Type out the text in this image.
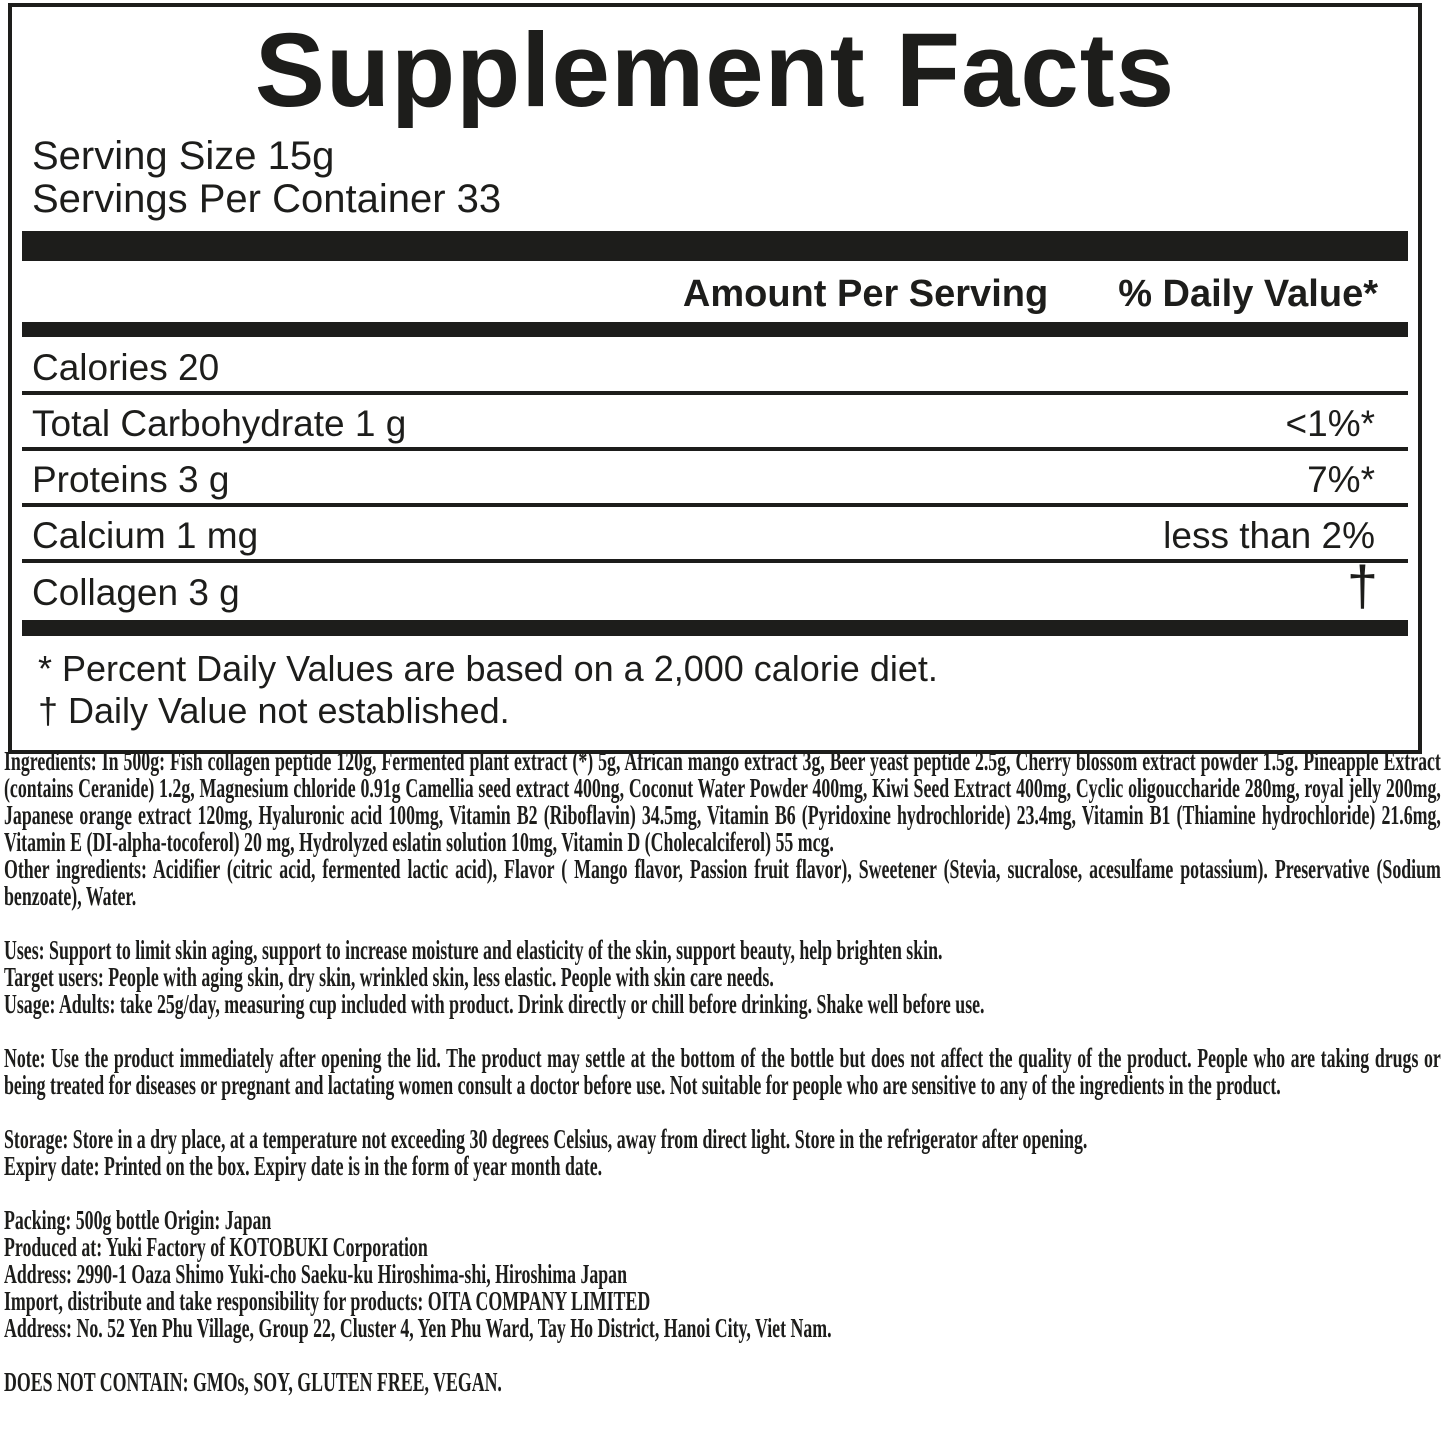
Supplement Facts
Serving Size 15g
Servings Per Container 33
Amount Per Serving % Daily Value*
Calories 20
Total Carbohydrate 1 g	<1%*
Proteins 3 g	7%*
Calcium 1 mg	less than 2%
Collagen 3 g	†
* Percent Daily Values are based on a 2,000 calorie diet.
† Daily Value not established.

Ingredients: In 500g: Fish collagen peptide 120g, Fermented plant extract (*) 5g, African mango extract 3g, Beer yeast peptide 2.5g, Cherry blossom extract powder 1.5g. Pineapple Extract (contains Ceranide) 1.2g, Magnesium chloride 0.91g Camellia seed extract 400ng, Coconut Water Powder 400mg, Kiwi Seed Extract 400mg, Cyclic oligouccharide 280mg, royal jelly 200mg, Japanese orange extract 120mg, Hyaluronic acid 100mg, Vitamin B2 (Riboflavin) 34.5mg, Vitamin B6 (Pyridoxine hydrochloride) 23.4mg, Vitamin B1 (Thiamine hydrochloride) 21.6mg, Vitamin E (DI-alpha-tocoferol) 20 mg, Hydrolyzed eslatin solution 10mg, Vitamin D (Cholecalciferol) 55 mcg.

Other ingredients: Acidifier (citric acid, fermented lactic acid), Flavor ( Mango flavor, Passion fruit flavor), Sweetener (Stevia, sucralose, acesulfame potassium). Preservative (Sodium benzoate), Water.

Uses: Support to limit skin aging, support to increase moisture and elasticity of the skin, support beauty, help brighten skin.

Target users: People with aging skin, dry skin, wrinkled skin, less elastic. People with skin care needs.

Usage: Adults: take 25g/day, measuring cup included with product. Drink directly or chill before drinking. Shake well before use.

Note: Use the product immediately after opening the lid. The product may settle at the bottom of the bottle but does not affect the quality of the product. People who are taking drugs or being treated for diseases or pregnant and lactating women consult a doctor before use. Not suitable for people who are sensitive to any of the ingredients in the product.

Storage: Store in a dry place, at a temperature not exceeding 30 degrees Celsius, away from direct light. Store in the refrigerator after opening.

Expiry date: Printed on the box. Expiry date is in the form of year month date.

Packing: 500g bottle Origin: Japan

Produced at: Yuki Factory of KOTOBUKI Corporation

Address: 2990-1 Oaza Shimo Yuki-cho Saeku-ku Hiroshima-shi, Hiroshima Japan

Import, distribute and take responsibility for products: OITA COMPANY LIMITED

Address: No. 52 Yen Phu Village, Group 22, Cluster 4, Yen Phu Ward, Tay Ho District, Hanoi City, Viet Nam.

DOES NOT CONTAIN: GMOs, SOY, GLUTEN FREE, VEGAN.
